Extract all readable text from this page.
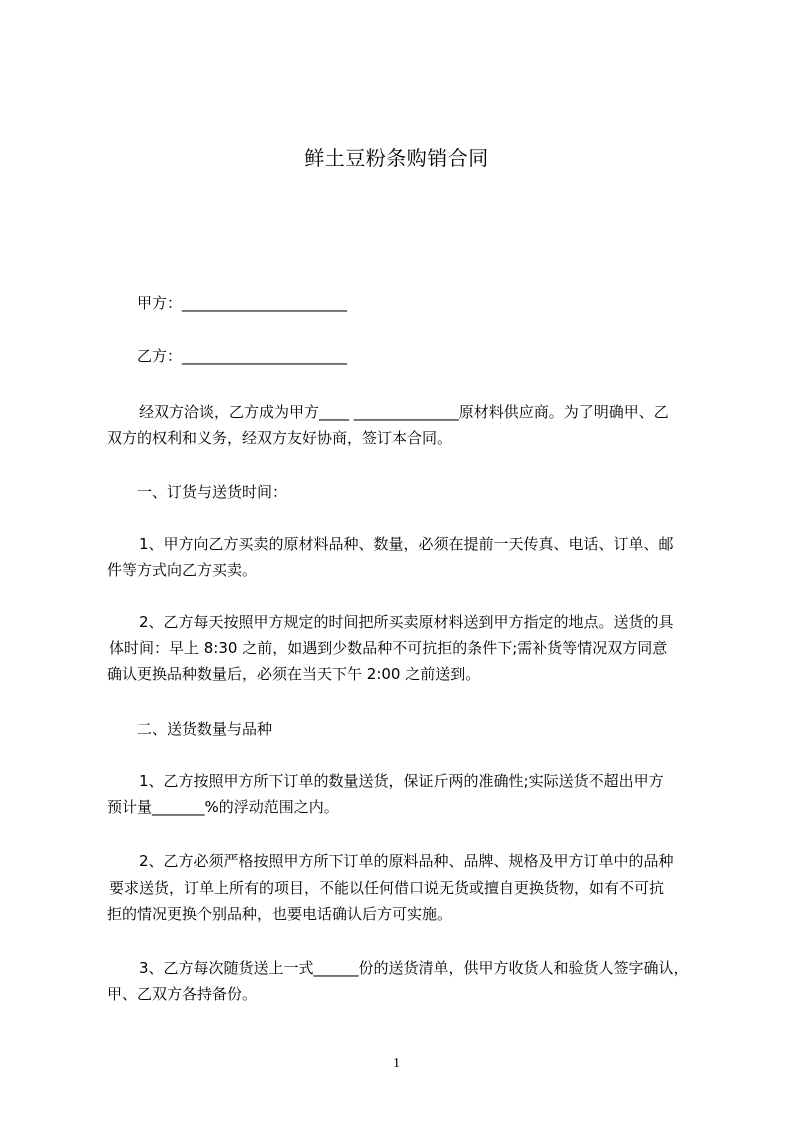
鲜土豆粉条购销合同
甲方：______________________
乙方：______________________
经双方洽谈，乙方成为甲方____ ______________原材料供应商。为了明确甲、乙
双方的权利和义务，经双方友好协商，签订本合同。
一、订货与送货时间：
1、甲方向乙方买卖的原材料品种、数量，必须在提前一天传真、电话、订单、邮
件等方式向乙方买卖。
2、乙方每天按照甲方规定的时间把所买卖原材料送到甲方指定的地点。送货的具
体时间：早上 8:30 之前，如遇到少数品种不可抗拒的条件下;需补货等情况双方同意
确认更换品种数量后，必须在当天下午 2:00 之前送到。
二、送货数量与品种
1、乙方按照甲方所下订单的数量送货，保证斤两的准确性;实际送货不超出甲方
预计量_______%的浮动范围之内。
2、乙方必须严格按照甲方所下订单的原料品种、品牌、规格及甲方订单中的品种
要求送货，订单上所有的项目，不能以任何借口说无货或擅自更换货物，如有不可抗
拒的情况更换个别品种，也要电话确认后方可实施。
3、乙方每次随货送上一式______份的送货清单，供甲方收货人和验货人签字确认，
甲、乙双方各持备份。
1
